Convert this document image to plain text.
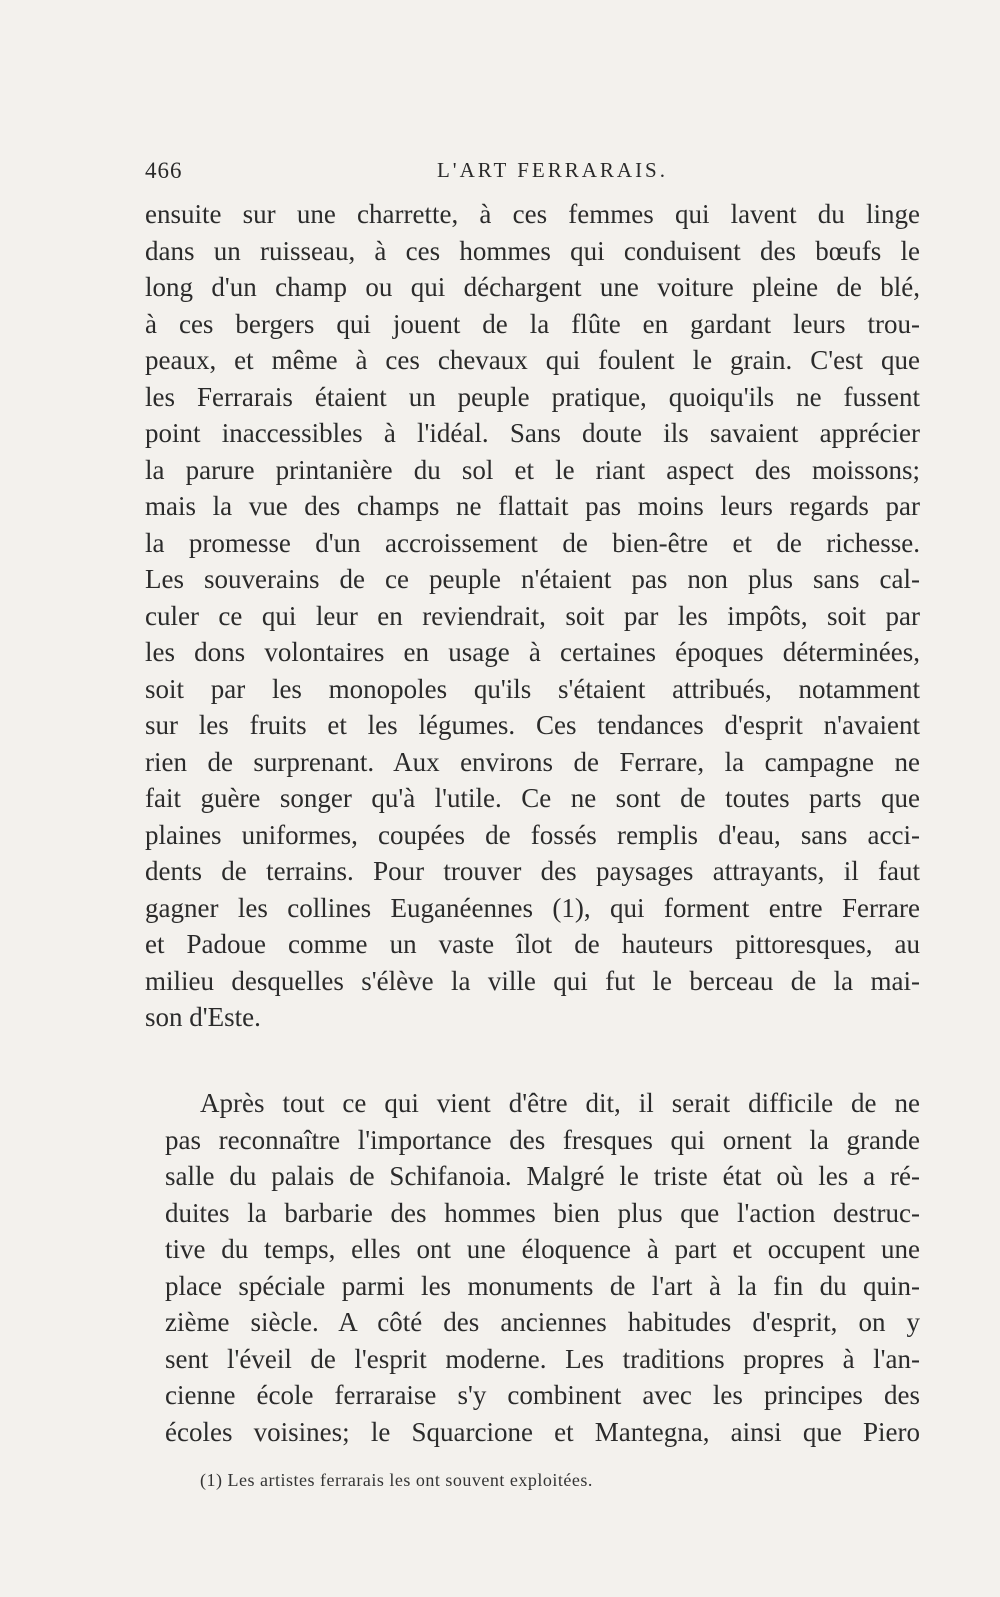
466	L'ART FERRARAIS.
ensuite sur une charrette, à ces femmes qui lavent du linge
dans un ruisseau, à ces hommes qui conduisent des bœufs le
long d'un champ ou qui déchargent une voiture pleine de blé,
à ces bergers qui jouent de la flûte en gardant leurs trou-
peaux, et même à ces chevaux qui foulent le grain. C'est que
les Ferrarais étaient un peuple pratique, quoiqu'ils ne fussent
point inaccessibles à l'idéal. Sans doute ils savaient apprécier
la parure printanière du sol et le riant aspect des moissons;
mais la vue des champs ne flattait pas moins leurs regards par
la promesse d'un accroissement de bien-être et de richesse.
Les souverains de ce peuple n'étaient pas non plus sans cal-
culer ce qui leur en reviendrait, soit par les impôts, soit par
les dons volontaires en usage à certaines époques déterminées,
soit par les monopoles qu'ils s'étaient attribués, notamment
sur les fruits et les légumes. Ces tendances d'esprit n'avaient
rien de surprenant. Aux environs de Ferrare, la campagne ne
fait guère songer qu'à l'utile. Ce ne sont de toutes parts que
plaines uniformes, coupées de fossés remplis d'eau, sans acci-
dents de terrains. Pour trouver des paysages attrayants, il faut
gagner les collines Euganéennes (1), qui forment entre Ferrare
et Padoue comme un vaste îlot de hauteurs pittoresques, au
milieu desquelles s'élève la ville qui fut le berceau de la mai-
son d'Este.
Après tout ce qui vient d'être dit, il serait difficile de ne
pas reconnaître l'importance des fresques qui ornent la grande
salle du palais de Schifanoia. Malgré le triste état où les a ré-
duites la barbarie des hommes bien plus que l'action destruc-
tive du temps, elles ont une éloquence à part et occupent une
place spéciale parmi les monuments de l'art à la fin du quin-
zième siècle. A côté des anciennes habitudes d'esprit, on y
sent l'éveil de l'esprit moderne. Les traditions propres à l'an-
cienne école ferraraise s'y combinent avec les principes des
écoles voisines; le Squarcione et Mantegna, ainsi que Piero
(1) Les artistes ferrarais les ont souvent exploitées.
